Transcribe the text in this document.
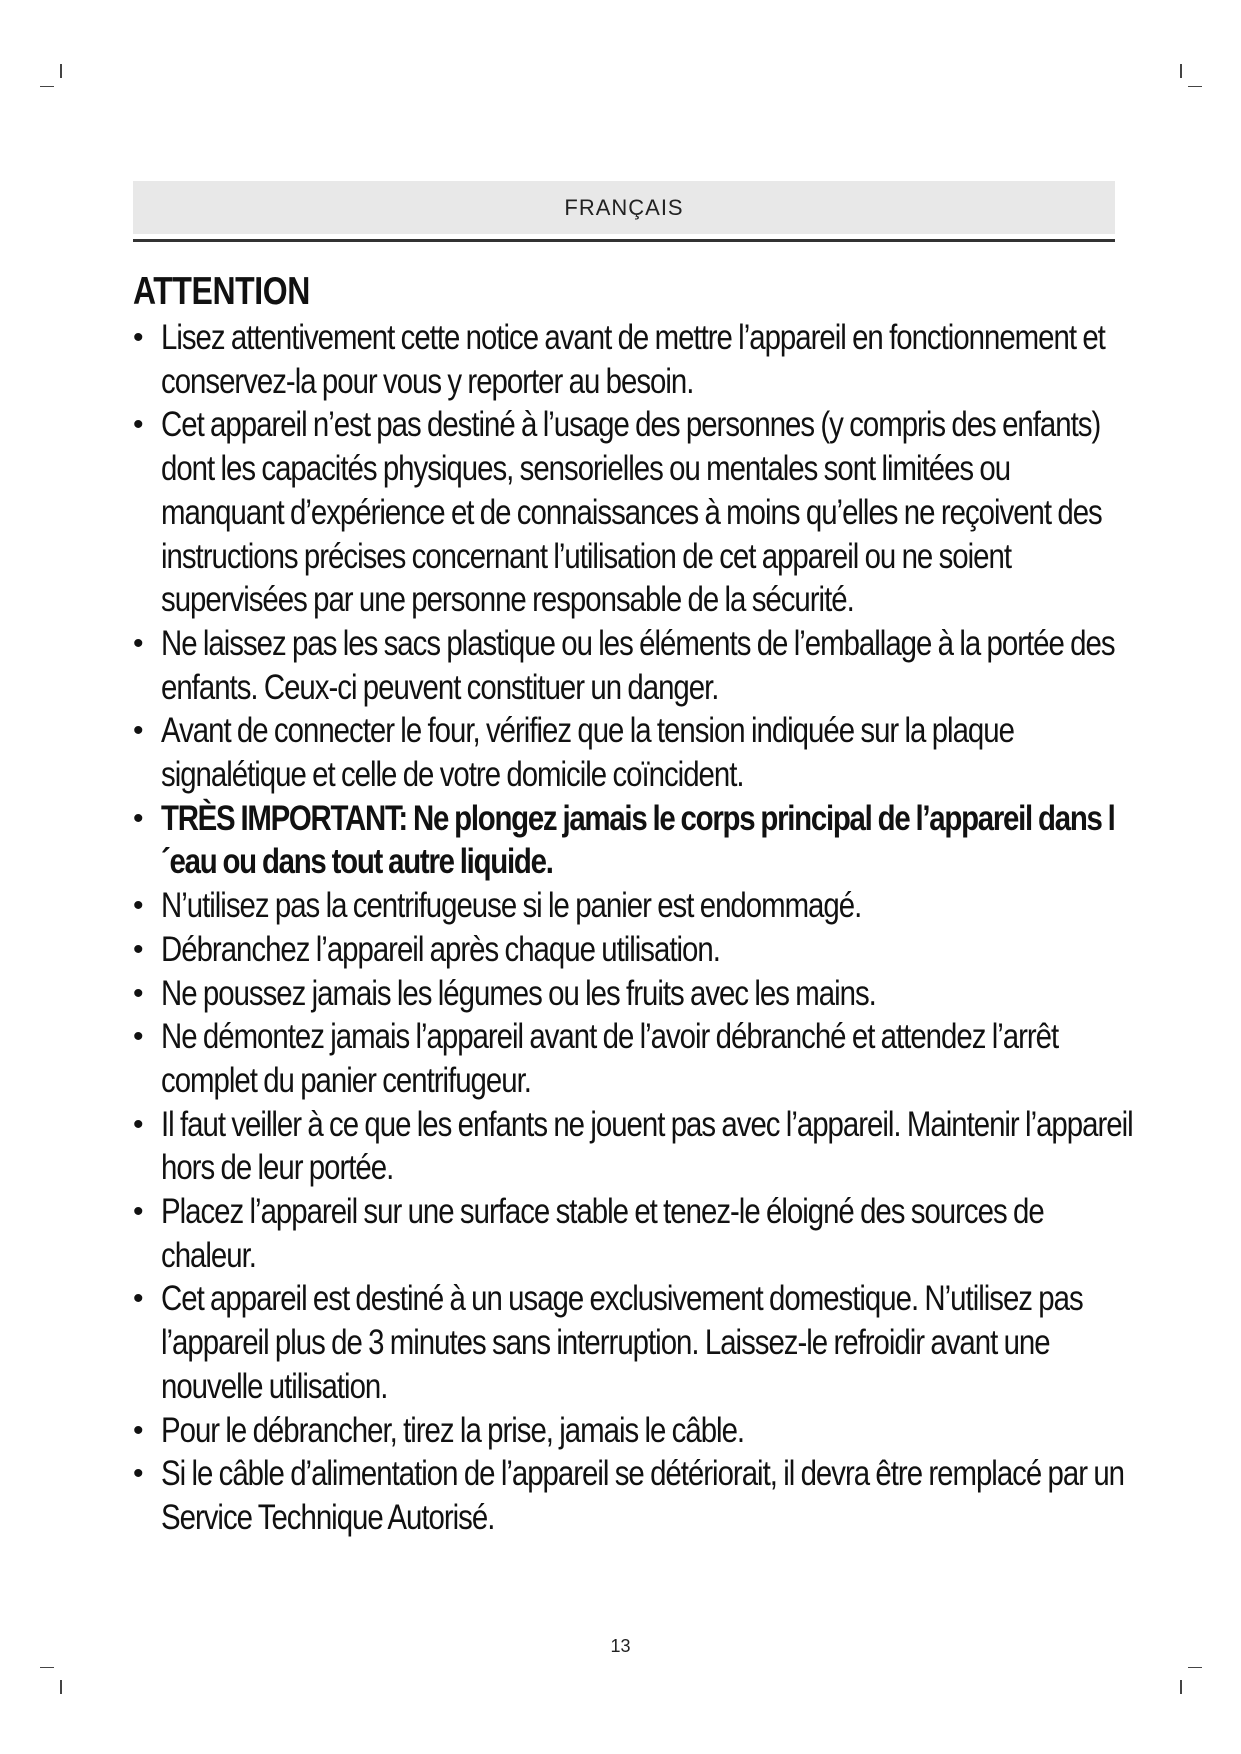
FRANÇAIS
ATTENTION
• Lisez attentivement cette notice avant de mettre l’appareil en fonctionnement et conservez-la pour vous y reporter au besoin.
• Cet appareil n’est pas destiné à l’usage des personnes (y compris des enfants) dont les capacités physiques, sensorielles ou mentales sont limitées ou manquant d’expérience et de connaissances à moins qu’elles ne reçoivent des instructions précises concernant l’utilisation de cet appareil ou ne soient supervisées par une personne responsable de la sécurité.
• Ne laissez pas les sacs plastique ou les éléments de l’emballage à la portée des enfants. Ceux-ci peuvent constituer un danger.
• Avant de connecter le four, vérifiez que la tension indiquée sur la plaque signalétique et celle de votre domicile coïncident.
• TRÈS IMPORTANT: Ne plongez jamais le corps principal de l’appareil dans l´eau ou dans tout autre liquide.
• N’utilisez pas la centrifugeuse si le panier est endommagé.
• Débranchez l’appareil après chaque utilisation.
• Ne poussez jamais les légumes ou les fruits avec les mains.
• Ne démontez jamais l’appareil avant de l’avoir débranché et attendez l’arrêt complet du panier centrifugeur.
• Il faut veiller à ce que les enfants ne jouent pas avec l’appareil. Maintenir l’appareil hors de leur portée.
• Placez l’appareil sur une surface stable et tenez-le éloigné des sources de chaleur.
• Cet appareil est destiné à un usage exclusivement domestique. N’utilisez pas l’appareil plus de 3 minutes sans interruption. Laissez-le refroidir avant une nouvelle utilisation.
• Pour le débrancher, tirez la prise, jamais le câble.
• Si le câble d’alimentation de l’appareil se détériorait, il devra être remplacé par un Service Technique Autorisé.
13
